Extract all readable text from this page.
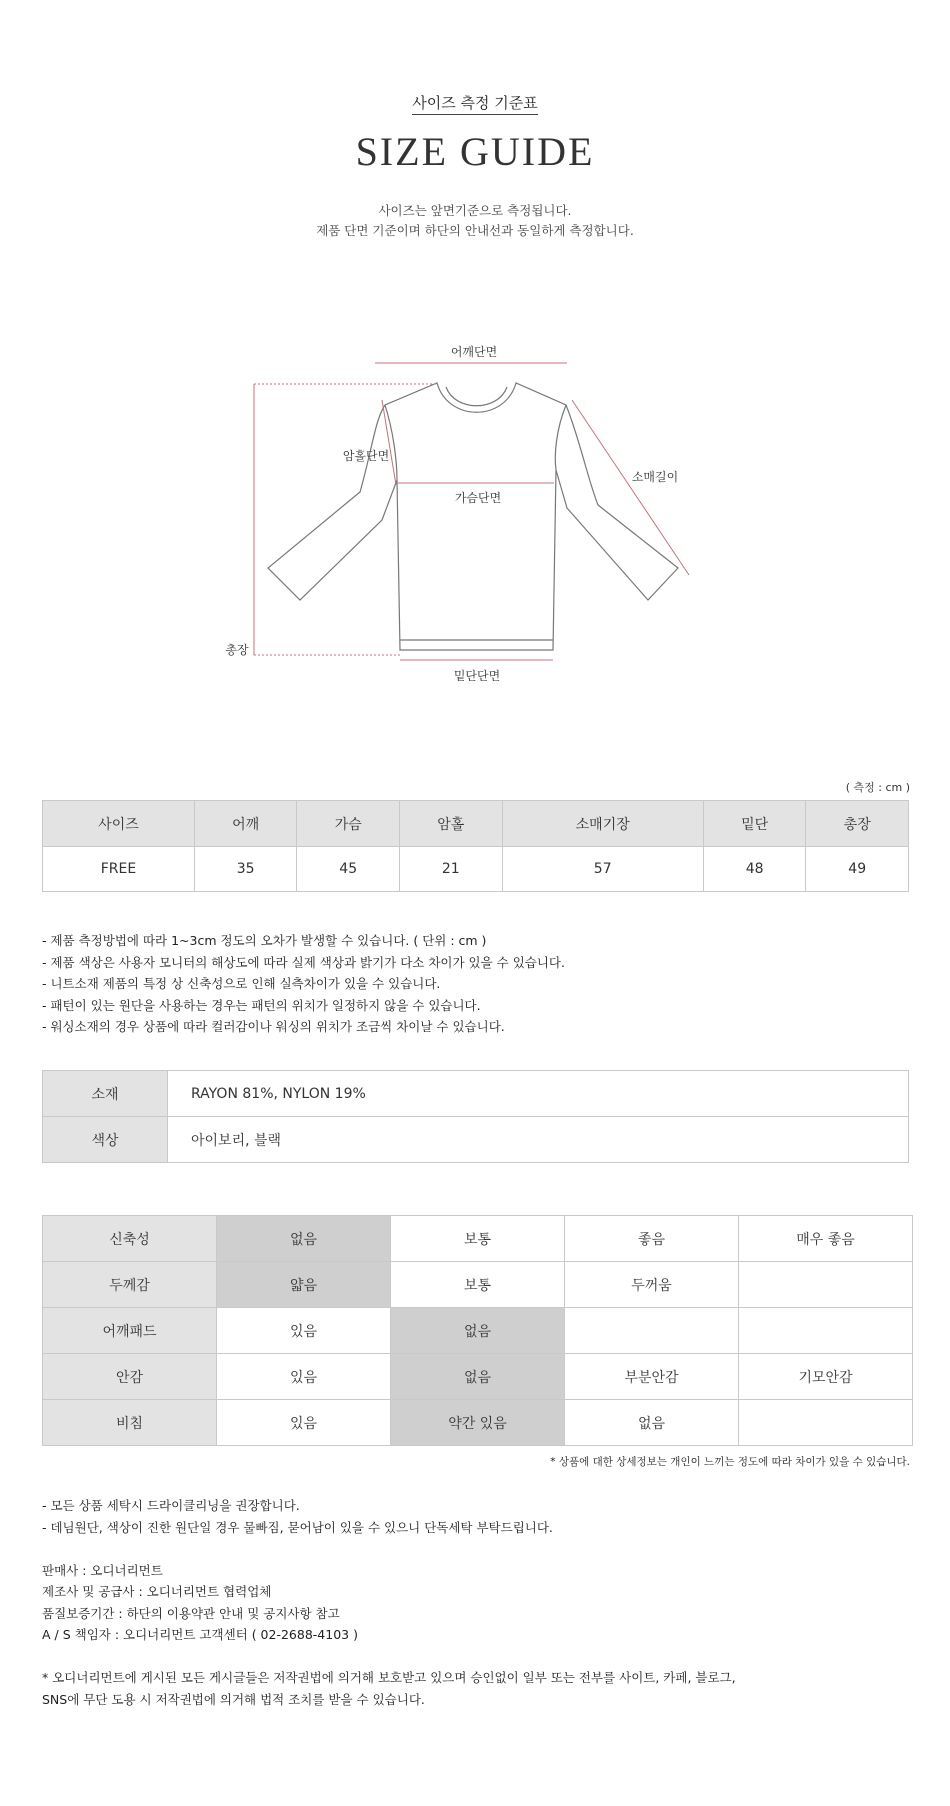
사이즈 측정 기준표
SIZE GUIDE
사이즈는 앞면기준으로 측정됩니다.
제품 단면 기준이며 하단의 안내선과 동일하게 측정합니다.
어깨단면
암홀단면
가슴단면
소매길이
총장
밑단단면
( 측정 : cm )
사이즈	어깨	가슴	암홀	소매기장	밑단	총장
FREE	35	45	21	57	48	49
- 제품 측정방법에 따라 1~3cm 정도의 오차가 발생할 수 있습니다. ( 단위 : cm )
- 제품 색상은 사용자 모니터의 해상도에 따라 실제 색상과 밝기가 다소 차이가 있을 수 있습니다.
- 니트소재 제품의 특정 상 신축성으로 인해 실측차이가 있을 수 있습니다.
- 패턴이 있는 원단을 사용하는 경우는 패턴의 위치가 일정하지 않을 수 있습니다.
- 워싱소재의 경우 상품에 따라 컬러감이나 워싱의 위치가 조금씩 차이날 수 있습니다.
소재	RAYON 81%, NYLON 19%
색상	아이보리, 블랙
신축성	없음	보통	좋음	매우 좋음
두께감	얇음	보통	두꺼움	
어깨패드	있음	없음		
안감	있음	없음	부분안감	기모안감
비침	있음	약간 있음	없음	
* 상품에 대한 상세정보는 개인이 느끼는 정도에 따라 차이가 있을 수 있습니다.
- 모든 상품 세탁시 드라이클리닝을 권장합니다.
- 데님원단, 색상이 진한 원단일 경우 물빠짐, 묻어남이 있을 수 있으니 단독세탁 부탁드립니다.
판매사 : 오디너리먼트
제조사 및 공급사 : 오디너리먼트 협력업체
품질보증기간 : 하단의 이용약관 안내 및 공지사항 참고
A / S 책임자 : 오디너리먼트 고객센터 ( 02-2688-4103 )
* 오디너리먼트에 게시된 모든 게시글들은 저작권법에 의거해 보호받고 있으며 승인없이 일부 또는 전부를 사이트, 카페, 블로그,
SNS에 무단 도용 시 저작권법에 의거해 법적 조치를 받을 수 있습니다.
